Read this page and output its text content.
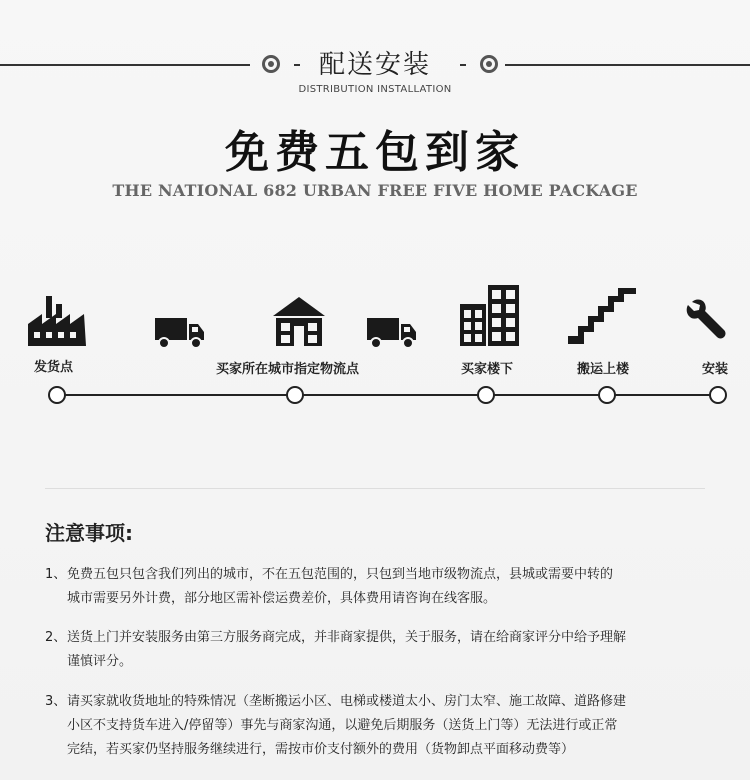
配送安装
DISTRIBUTION INSTALLATION
免费五包到家
THE NATIONAL 682 URBAN FREE FIVE HOME PACKAGE
发货点	买家所在城市指定物流点	买家楼下	搬运上楼	安装
注意事项:
1、免费五包只包含我们列出的城市，不在五包范围的，只包到当地市级物流点，县城或需要中转的
城市需要另外计费，部分地区需补偿运费差价，具体费用请咨询在线客服。
2、送货上门并安装服务由第三方服务商完成，并非商家提供，关于服务，请在给商家评分中给予理解
谨慎评分。
3、请买家就收货地址的特殊情况（垄断搬运小区、电梯或楼道太小、房门太窄、施工故障、道路修建
小区不支持货车进入/停留等）事先与商家沟通，以避免后期服务（送货上门等）无法进行或正常
完结，若买家仍坚持服务继续进行，需按市价支付额外的费用（货物卸点平面移动费等）
